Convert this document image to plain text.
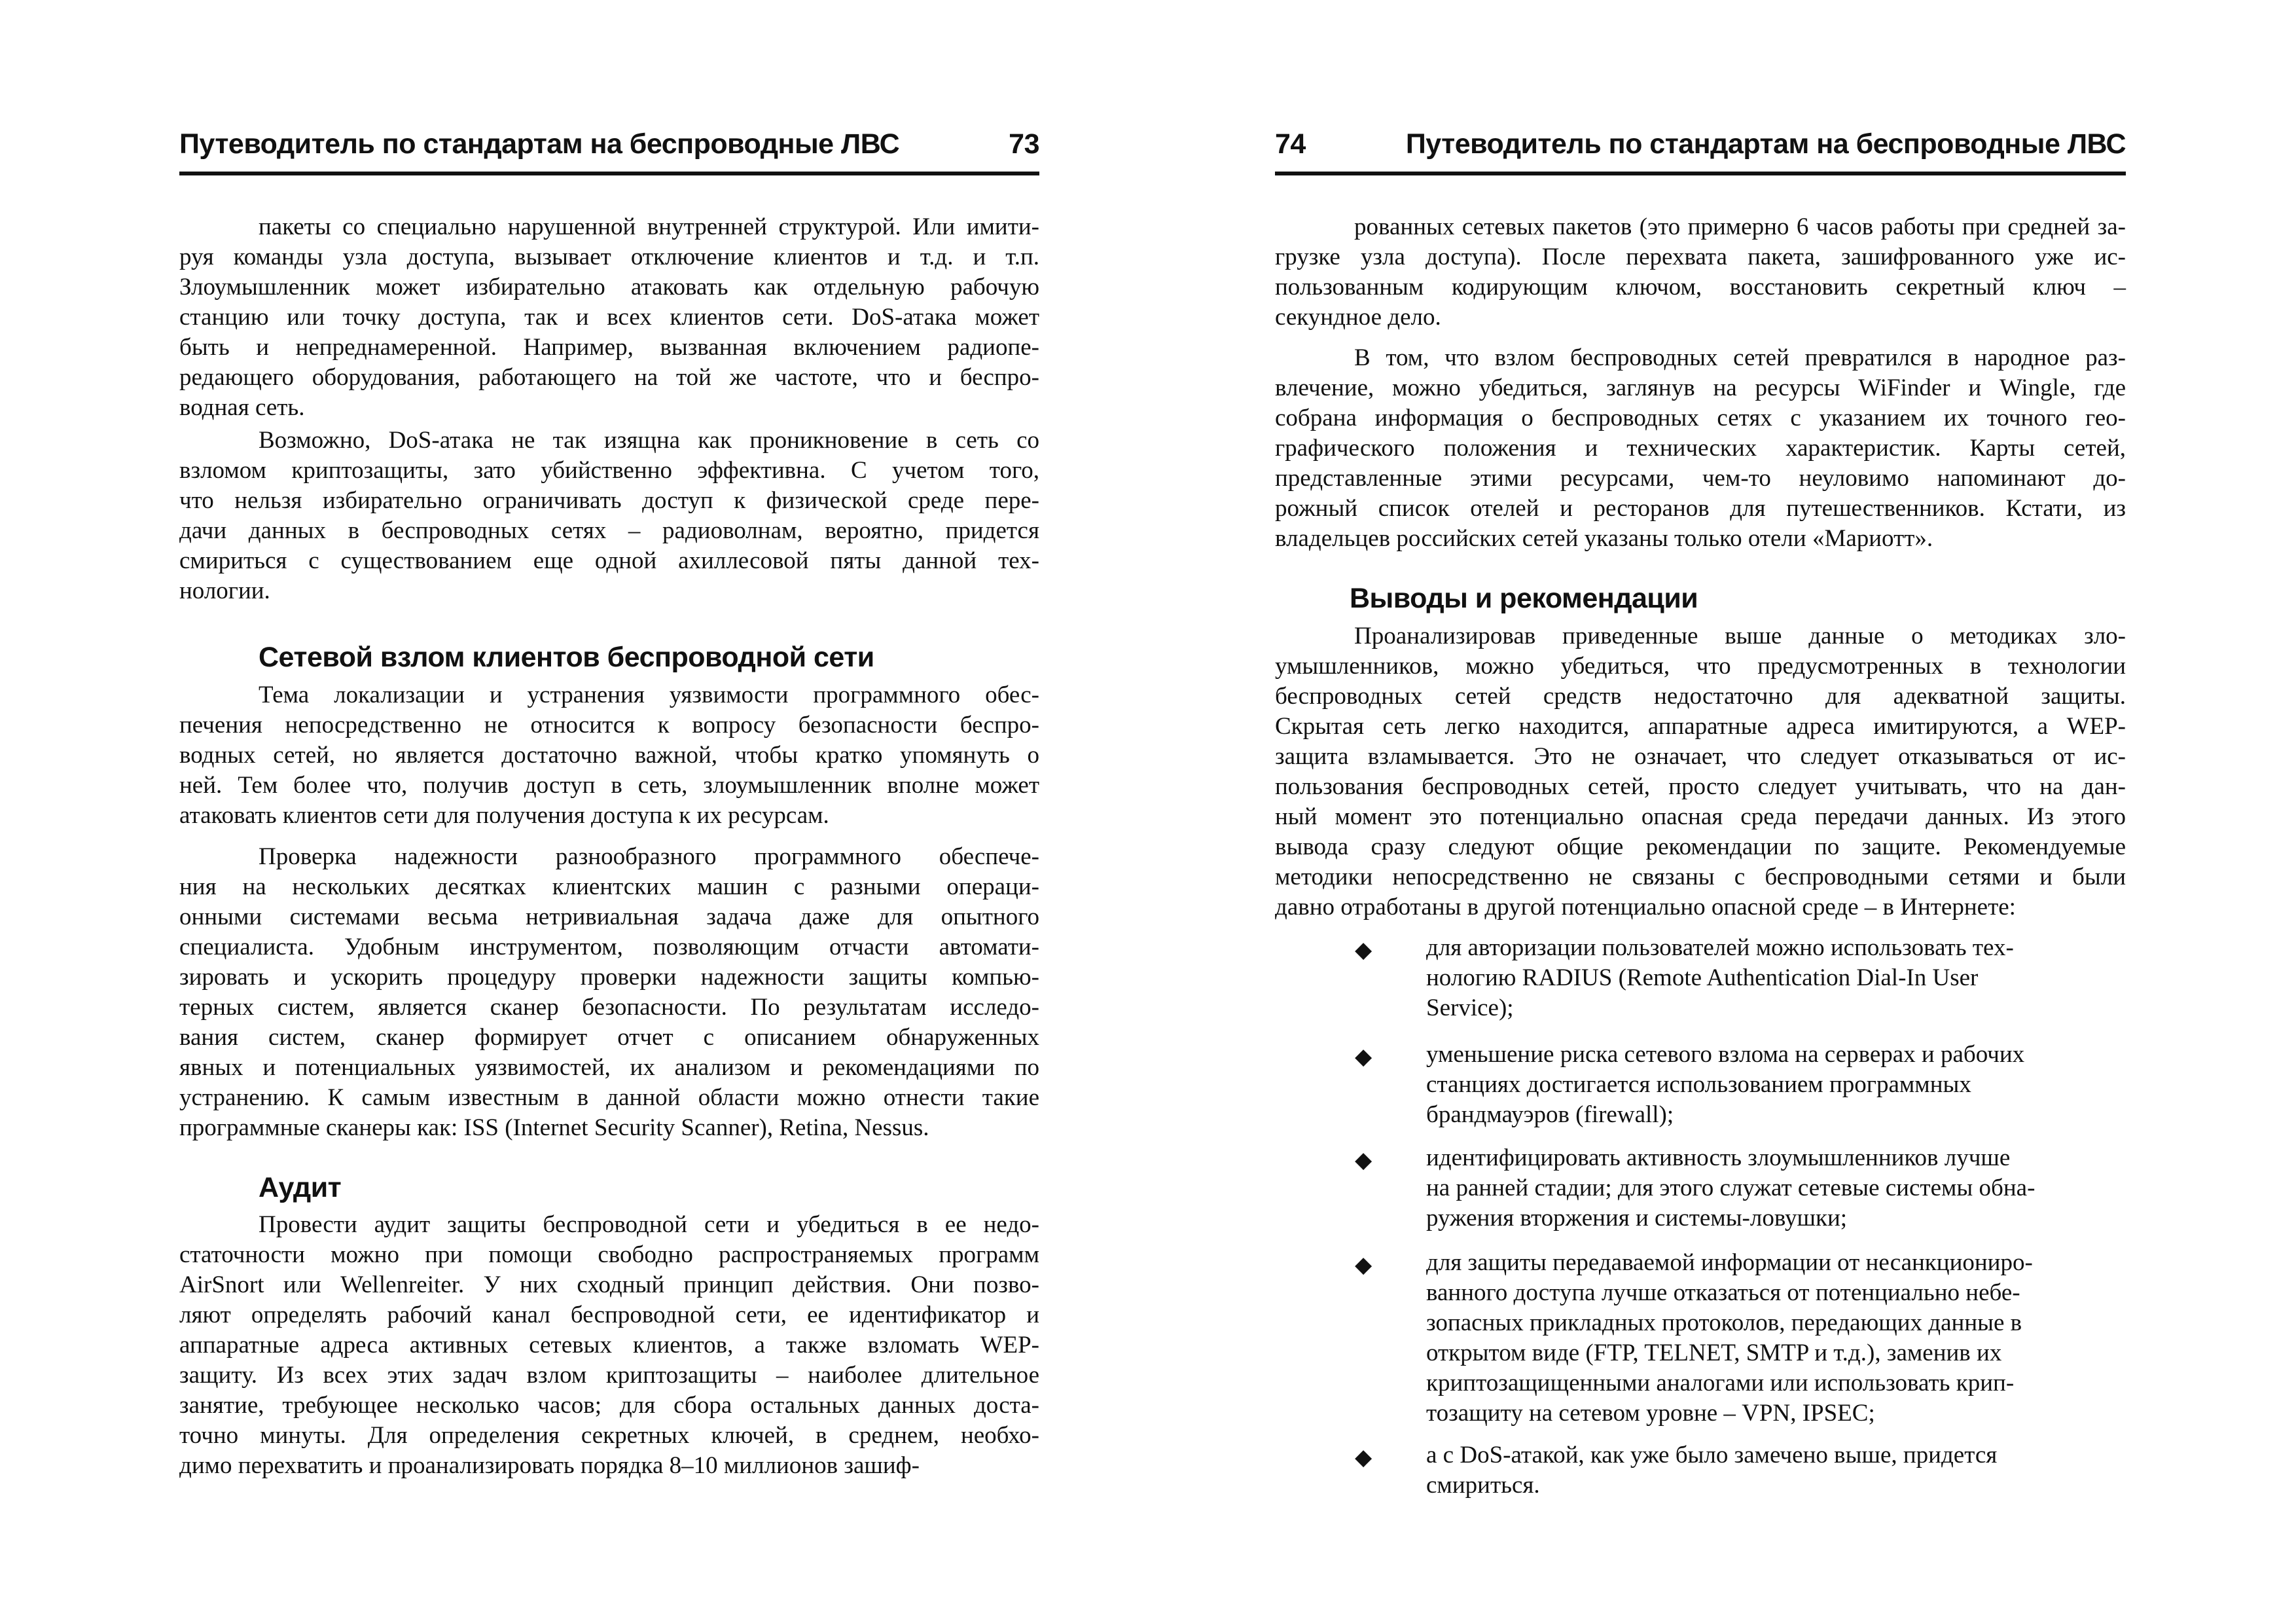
Путеводитель по стандартам на беспроводные ЛВС	73
пакеты со специально нарушенной внутренней структурой. Или имити-
руя команды узла доступа, вызывает отключение клиентов и т.д. и т.п.
Злоумышленник может избирательно атаковать как отдельную рабочую
станцию или точку доступа, так и всех клиентов сети. DoS-атака может
быть и непреднамеренной. Например, вызванная включением радиопе-
редающего оборудования, работающего на той же частоте, что и беспро-
водная сеть.
Возможно, DoS-атака не так изящна как проникновение в сеть со
взломом криптозащиты, зато убийственно эффективна. С учетом того,
что нельзя избирательно ограничивать доступ к физической среде пере-
дачи данных в беспроводных сетях – радиоволнам, вероятно, придется
смириться с существованием еще одной ахиллесовой пяты данной тех-
нологии.
Сетевой взлом клиентов беспроводной сети
Тема локализации и устранения уязвимости программного обес-
печения непосредственно не относится к вопросу безопасности беспро-
водных сетей, но является достаточно важной, чтобы кратко упомянуть о
ней. Тем более что, получив доступ в сеть, злоумышленник вполне может
атаковать клиентов сети для получения доступа к их ресурсам.
Проверка надежности разнообразного программного обеспече-
ния на нескольких десятках клиентских машин с разными операци-
онными системами весьма нетривиальная задача даже для опытного
специалиста. Удобным инструментом, позволяющим отчасти автомати-
зировать и ускорить процедуру проверки надежности защиты компью-
терных систем, является сканер безопасности. По результатам исследо-
вания систем, сканер формирует отчет с описанием обнаруженных
явных и потенциальных уязвимостей, их анализом и рекомендациями по
устранению. К самым известным в данной области можно отнести такие
программные сканеры как: ISS (Internet Security Scanner), Retina, Nessus.
Аудит
Провести аудит защиты беспроводной сети и убедиться в ее недо-
статочности можно при помощи свободно распространяемых программ
AirSnort или Wellenreiter. У них сходный принцип действия. Они позво-
ляют определять рабочий канал беспроводной сети, ее идентификатор и
аппаратные адреса активных сетевых клиентов, а также взломать WEP-
защиту. Из всех этих задач взлом криптозащиты – наиболее длительное
занятие, требующее несколько часов; для сбора остальных данных доста-
точно минуты. Для определения секретных ключей, в среднем, необхо-
димо перехватить и проанализировать порядка 8–10 миллионов зашиф-
74	Путеводитель по стандартам на беспроводные ЛВС
рованных сетевых пакетов (это примерно 6 часов работы при средней за-
грузке узла доступа). После перехвата пакета, зашифрованного уже ис-
пользованным кодирующим ключом, восстановить секретный ключ –
секундное дело.
В том, что взлом беспроводных сетей превратился в народное раз-
влечение, можно убедиться, заглянув на ресурсы WiFinder и Wingle, где
собрана информация о беспроводных сетях с указанием их точного гео-
графического положения и технических характеристик. Карты сетей,
представленные этими ресурсами, чем-то неуловимо напоминают до-
рожный список отелей и ресторанов для путешественников. Кстати, из
владельцев российских сетей указаны только отели «Мариотт».
Выводы и рекомендации
Проанализировав приведенные выше данные о методиках зло-
умышленников, можно убедиться, что предусмотренных в технологии
беспроводных сетей средств недостаточно для адекватной защиты.
Скрытая сеть легко находится, аппаратные адреса имитируются, а WEP-
защита взламывается. Это не означает, что следует отказываться от ис-
пользования беспроводных сетей, просто следует учитывать, что на дан-
ный момент это потенциально опасная среда передачи данных. Из этого
вывода сразу следуют общие рекомендации по защите. Рекомендуемые
методики непосредственно не связаны с беспроводными сетями и были
давно отработаны в другой потенциально опасной среде – в Интернете:
◆ для авторизации пользователей можно использовать тех-
нологию RADIUS (Remote Authentication Dial-In User
Service);
◆ уменьшение риска сетевого взлома на серверах и рабочих
станциях достигается использованием программных
брандмауэров (firewall);
◆ идентифицировать активность злоумышленников лучше
на ранней стадии; для этого служат сетевые системы обна-
ружения вторжения и системы-ловушки;
◆ для защиты передаваемой информации от несанкциониро-
ванного доступа лучше отказаться от потенциально небе-
зопасных прикладных протоколов, передающих данные в
открытом виде (FTP, TELNET, SMTP и т.д.), заменив их
криптозащищенными аналогами или использовать крип-
тозащиту на сетевом уровне – VPN, IPSEC;
◆ а с DoS-атакой, как уже было замечено выше, придется
смириться.
